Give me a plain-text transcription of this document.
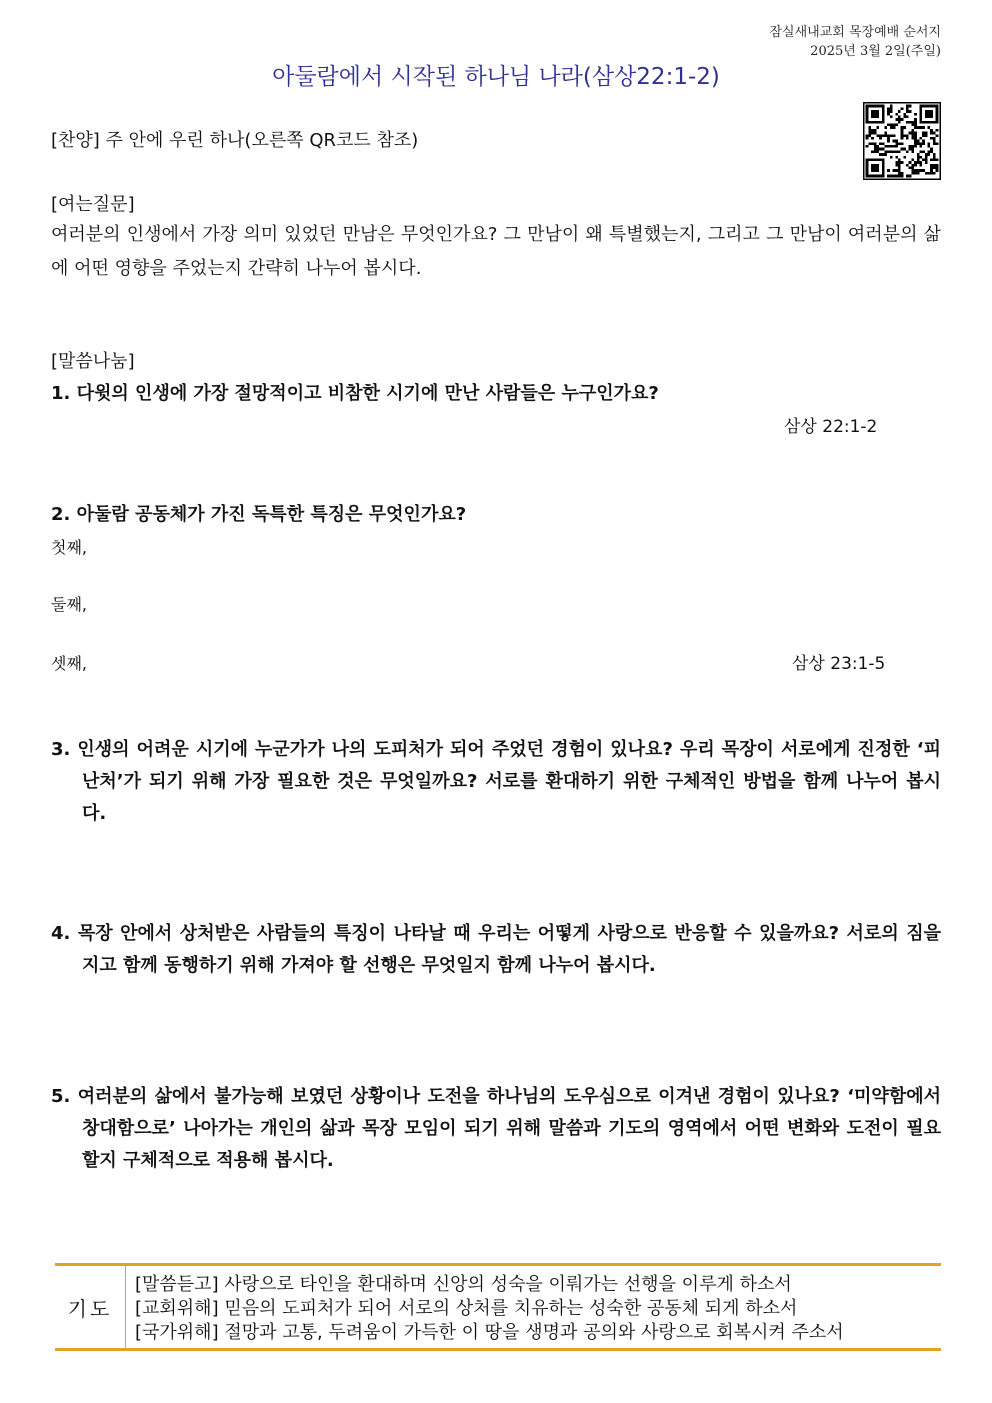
잠실새내교회 목장예배 순서지
2025년 3월 2일(주일)
아둘람에서 시작된 하나님 나라(삼상22:1-2)
[찬양] 주 안에 우린 하나(오른쪽 QR코드 참조)
[여는질문]

여러분의 인생에서 가장 의미 있었던 만남은 무엇인가요? 그 만남이 왜 특별했는지, 그리고 그 만남이 여러분의 삶에 어떤 영향을 주었는지 간략히 나누어 봅시다.

[말씀나눔]
1. 다윗의 인생에 가장 절망적이고 비참한 시기에 만난 사람들은 누구인가요?
삼상 22:1-2
2. 아둘람 공동체가 가진 독특한 특징은 무엇인가요?
첫째,
둘째,
셋째,	삼상 23:1-5

3. 인생의 어려운 시기에 누군가가 나의 도피처가 되어 주었던 경험이 있나요? 우리 목장이 서로에게 진정한 ‘피난처’가 되기 위해 가장 필요한 것은 무엇일까요? 서로를 환대하기 위한 구체적인 방법을 함께 나누어 봅시다.

4. 목장 안에서 상처받은 사람들의 특징이 나타날 때 우리는 어떻게 사랑으로 반응할 수 있을까요? 서로의 짐을 지고 함께 동행하기 위해 가져야 할 선행은 무엇일지 함께 나누어 봅시다.

5. 여러분의 삶에서 불가능해 보였던 상황이나 도전을 하나님의 도우심으로 이겨낸 경험이 있나요? ‘미약함에서 창대함으로’ 나아가는 개인의 삶과 목장 모임이 되기 위해 말씀과 기도의 영역에서 어떤 변화와 도전이 필요할지 구체적으로 적용해 봅시다.

기도
[말씀듣고] 사랑으로 타인을 환대하며 신앙의 성숙을 이뤄가는 선행을 이루게 하소서
[교회위해] 믿음의 도피처가 되어 서로의 상처를 치유하는 성숙한 공동체 되게 하소서
[국가위해] 절망과 고통, 두려움이 가득한 이 땅을 생명과 공의와 사랑으로 회복시켜 주소서
